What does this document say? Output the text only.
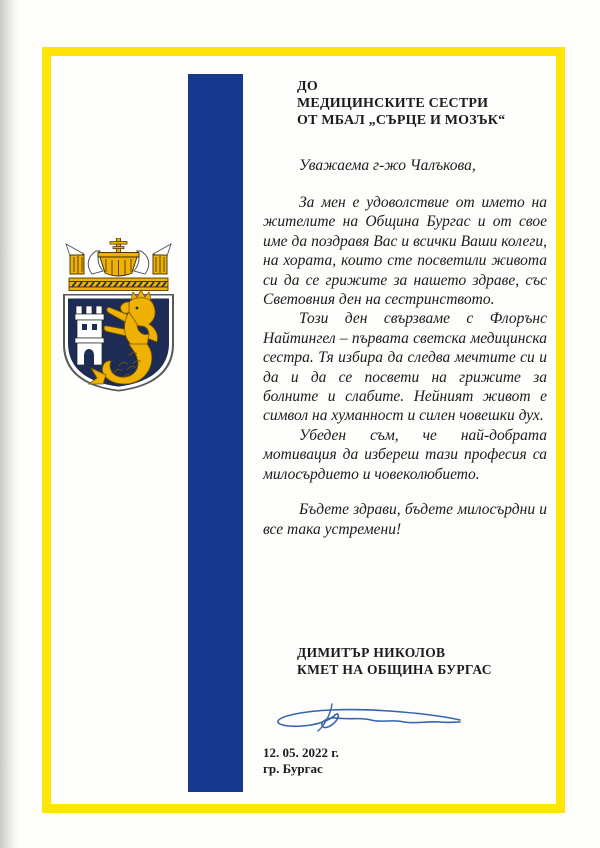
ДО
МЕДИЦИНСКИТЕ СЕСТРИ
ОТ МБАЛ „СЪРЦЕ И МОЗЪК“
Уважаема г-жо Чалъкова,

За мен е удоволствие от името на жителите на Община Бургас и от свое име да поздравя Вас и всички Ваши колеги, на хората, които сте посветили живота си да се грижите за нашето здраве, със Световния ден на сестринството.

Този ден свързваме с Флорънс Найтингел – първата светска медицинска сестра. Тя избира да следва мечтите си и да и да се посвети на грижите за болните и слабите. Нейният живот е символ на хуманност и силен човешки дух.

Убеден съм, че най-добрата мотивация да избереш тази професия са милосърдието и човеколюбието.

Бъдете здрави, бъдете милосърдни и все така устремени!

ДИМИТЪР НИКОЛОВ
КМЕТ НА ОБЩИНА БУРГАС
12. 05. 2022 г.
гр. Бургас
